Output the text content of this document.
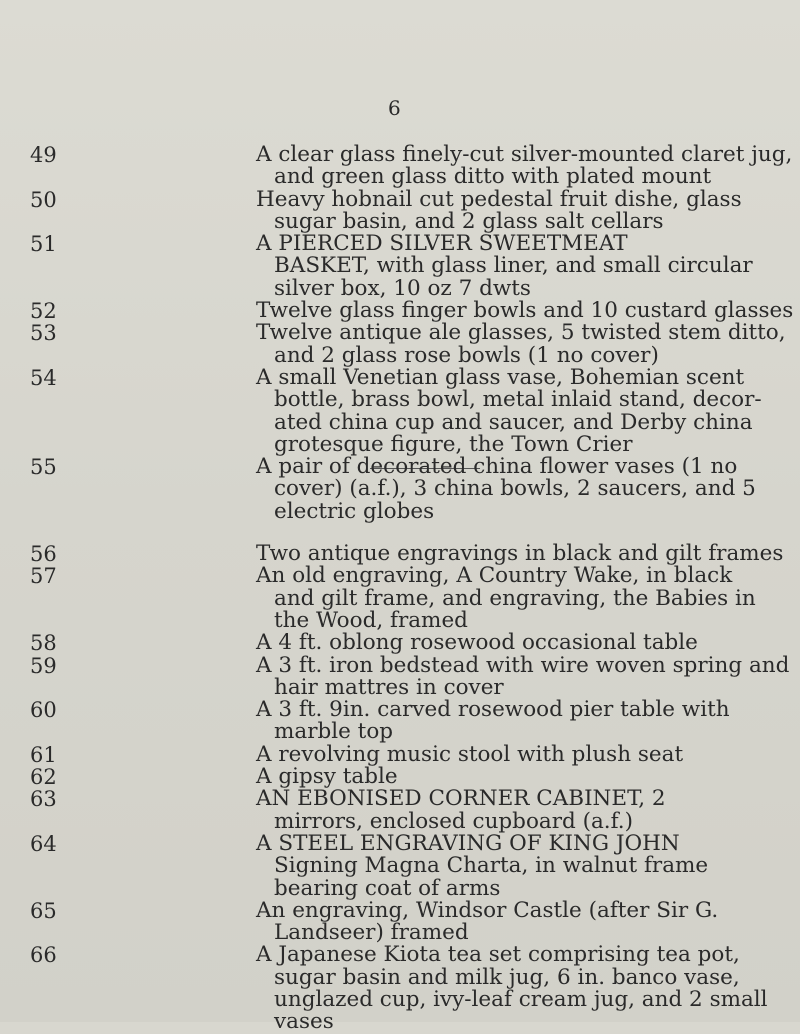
6
49	A clear glass finely-cut silver-mounted claret jug,
and green glass ditto with plated mount
50	Heavy hobnail cut pedestal fruit dishe, glass
sugar basin, and 2 glass salt cellars
51	A PIERCED SILVER SWEETMEAT
BASKET, with glass liner, and small circular
silver box, 10 oz 7 dwts
52	Twelve glass finger bowls and 10 custard glasses
53	Twelve antique ale glasses, 5 twisted stem ditto,
and 2 glass rose bowls (1 no cover)
54	A small Venetian glass vase, Bohemian scent
bottle, brass bowl, metal inlaid stand, decor-
ated china cup and saucer, and Derby china
grotesque figure, the Town Crier
55	A pair of decorated china flower vases (1 no
cover) (a.f.), 3 china bowls, 2 saucers, and 5
electric globes
56	Two antique engravings in black and gilt frames
57	An old engraving, A Country Wake, in black
and gilt frame, and engraving, the Babies in
the Wood, framed
58	A 4 ft. oblong rosewood occasional table
59	A 3 ft. iron bedstead with wire woven spring and
hair mattres in cover
60	A 3 ft. 9in. carved rosewood pier table with
marble top
61	A revolving music stool with plush seat
62	A gipsy table
63	AN EBONISED CORNER CABINET, 2
mirrors, enclosed cupboard (a.f.)
64	A STEEL ENGRAVING OF KING JOHN
Signing Magna Charta, in walnut frame
bearing coat of arms
65	An engraving, Windsor Castle (after Sir G.
Landseer) framed
66	A Japanese Kiota tea set comprising tea pot,
sugar basin and milk jug, 6 in. banco vase,
unglazed cup, ivy-leaf cream jug, and 2 small
vases
